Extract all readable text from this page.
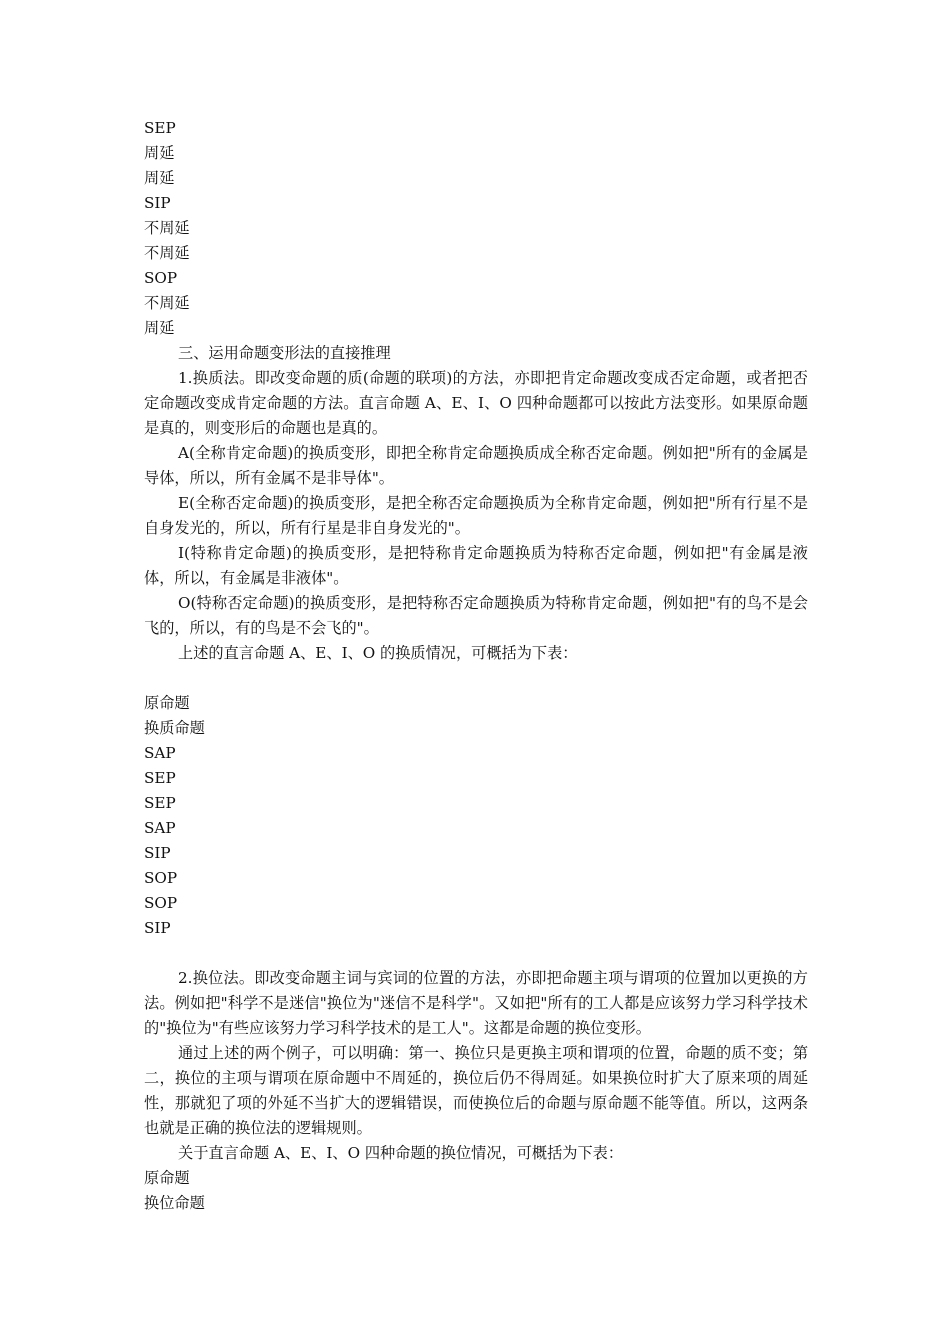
SEP
周延
周延
SIP
不周延
不周延
SOP
不周延
周延
三、运用命题变形法的直接推理
1.换质法。即改变命题的质(命题的联项)的方法，亦即把肯定命题改变成否定命题，或者把否定命题改变成肯定命题的方法。直言命题 A、E、I、O 四种命题都可以按此方法变形。如果原命题是真的，则变形后的命题也是真的。
A(全称肯定命题)的换质变形，即把全称肯定命题换质成全称否定命题。例如把"所有的金属是导体，所以，所有金属不是非导体"。
E(全称否定命题)的换质变形，是把全称否定命题换质为全称肯定命题，例如把"所有行星不是自身发光的，所以，所有行星是非自身发光的"。
I(特称肯定命题)的换质变形，是把特称肯定命题换质为特称否定命题，例如把"有金属是液体，所以，有金属是非液体"。
O(特称否定命题)的换质变形，是把特称否定命题换质为特称肯定命题，例如把"有的鸟不是会飞的，所以，有的鸟是不会飞的"。
上述的直言命题 A、E、I、O 的换质情况，可概括为下表：
原命题
换质命题
SAP
SEP
SEP
SAP
SIP
SOP
SOP
SIP
2.换位法。即改变命题主词与宾词的位置的方法，亦即把命题主项与谓项的位置加以更换的方法。例如把"科学不是迷信"换位为"迷信不是科学"。又如把"所有的工人都是应该努力学习科学技术的"换位为"有些应该努力学习科学技术的是工人"。这都是命题的换位变形。
通过上述的两个例子，可以明确：第一、换位只是更换主项和谓项的位置，命题的质不变；第二，换位的主项与谓项在原命题中不周延的，换位后仍不得周延。如果换位时扩大了原来项的周延性，那就犯了项的外延不当扩大的逻辑错误，而使换位后的命题与原命题不能等值。所以，这两条也就是正确的换位法的逻辑规则。
关于直言命题 A、E、I、O 四种命题的换位情况，可概括为下表：
原命题
换位命题
